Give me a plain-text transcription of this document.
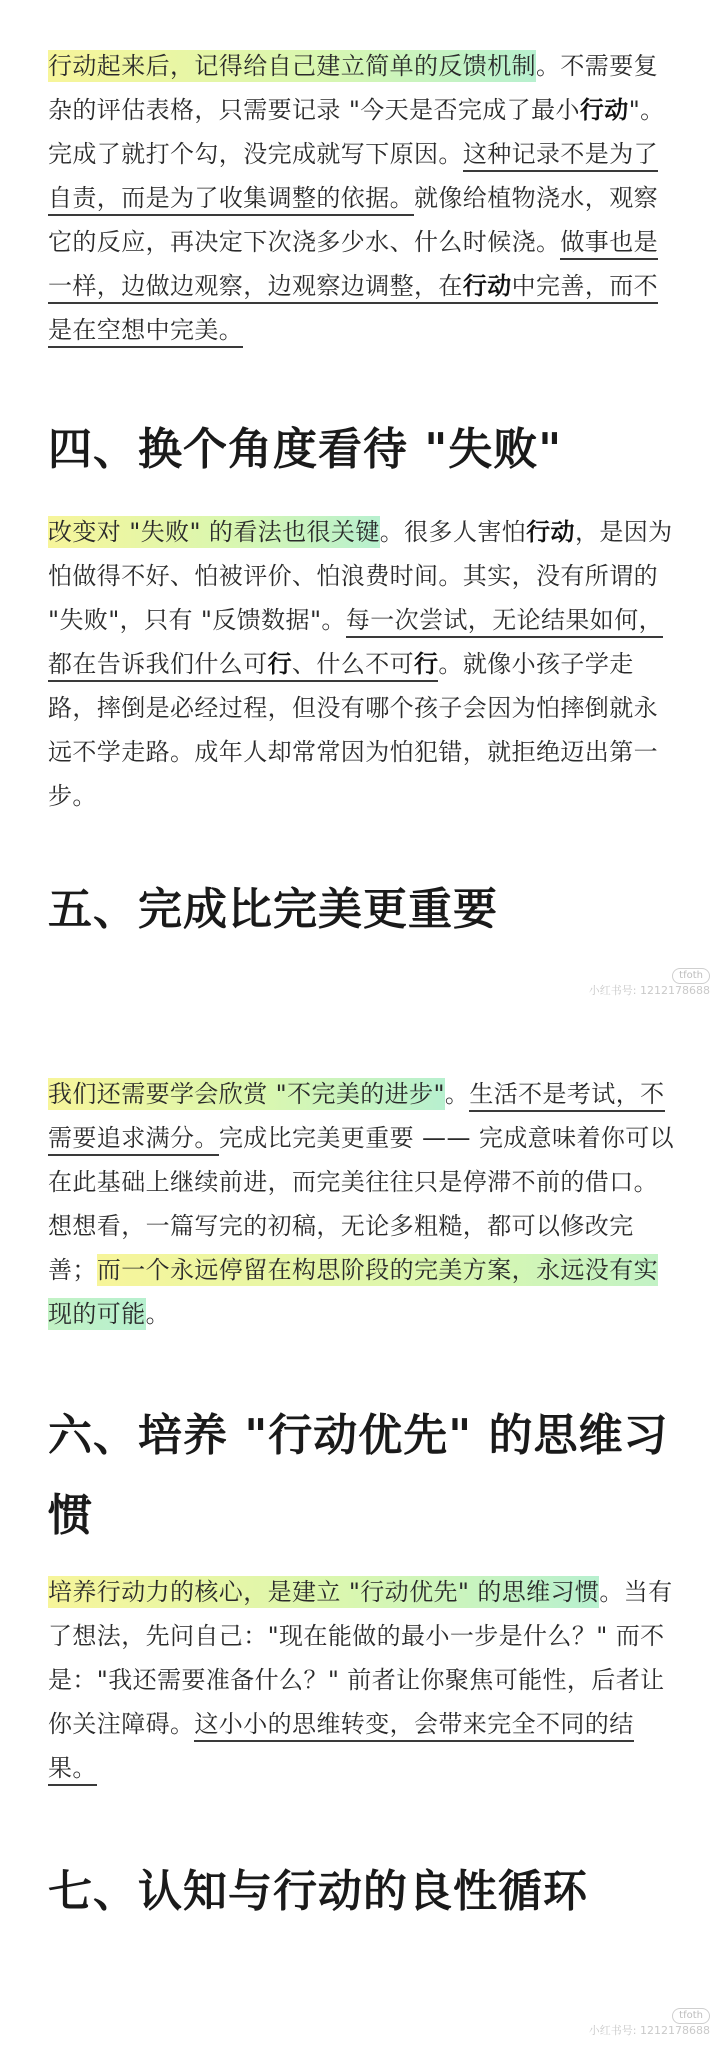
行动起来后，记得给自己建立简单的反馈机制。不需要复杂的评估表格，只需要记录 "今天是否完成了最小行动"。完成了就打个勾，没完成就写下原因。这种记录不是为了自责，而是为了收集调整的依据。就像给植物浇水，观察它的反应，再决定下次浇多少水、什么时候浇。做事也是一样，边做边观察，边观察边调整，在行动中完善，而不是在空想中完美。
四、换个角度看待 "失败"
改变对 "失败" 的看法也很关键。很多人害怕行动，是因为怕做得不好、怕被评价、怕浪费时间。其实，没有所谓的 "失败"，只有 "反馈数据"。每一次尝试，无论结果如何，都在告诉我们什么可行、什么不可行。就像小孩子学走路，摔倒是必经过程，但没有哪个孩子会因为怕摔倒就永远不学走路。成年人却常常因为怕犯错，就拒绝迈出第一步。
五、完成比完美更重要
tfoth
小红书号: 1212178688
我们还需要学会欣赏 "不完美的进步"。生活不是考试，不需要追求满分。完成比完美更重要 —— 完成意味着你可以在此基础上继续前进，而完美往往只是停滞不前的借口。想想看，一篇写完的初稿，无论多粗糙，都可以修改完善；而一个永远停留在构思阶段的完美方案，永远没有实现的可能。
六、培养 "行动优先" 的思维习惯
培养行动力的核心，是建立 "行动优先" 的思维习惯。当有了想法，先问自己："现在能做的最小一步是什么？" 而不是："我还需要准备什么？" 前者让你聚焦可能性，后者让你关注障碍。这小小的思维转变，会带来完全不同的结果。
七、认知与行动的良性循环
tfoth
小红书号: 1212178688
